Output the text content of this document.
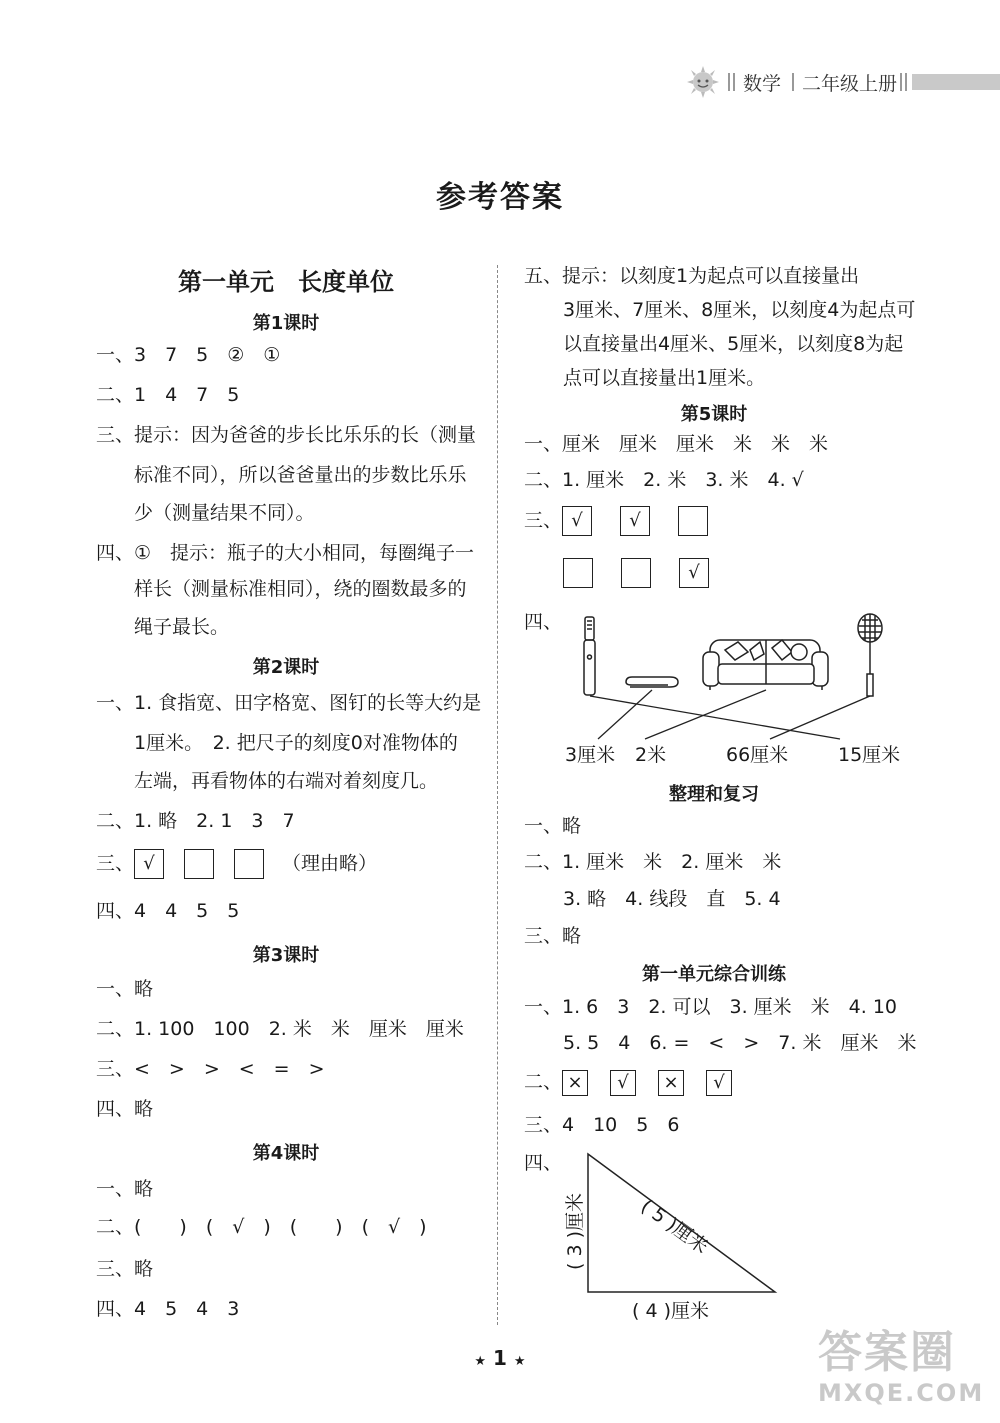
数学 二年级上册
参考答案
第一单元　长度单位
第1课时
一、3　7　5　②　①
二、1　4　7　5
三、提示：因为爸爸的步长比乐乐的长（测量
标准不同），所以爸爸量出的步数比乐乐
少（测量结果不同）。
四、①　提示：瓶子的大小相同，每圈绳子一
样长（测量标准相同），绕的圈数最多的
绳子最长。
第2课时
一、1. 食指宽、田字格宽、图钉的长等大约是
1厘米。　2. 把尺子的刻度0对准物体的
左端，再看物体的右端对着刻度几。
二、1. 略　2. 1　3　7
三、 √	（理由略）
四、4　4　5　5
第3课时
一、略
二、1. 100　100　2. 米　米　厘米　厘米
三、<　>　>　<　=　>
四、略
第4课时
一、略
二、(　　)　(　√　)　(　　)　(　√　)
三、略
四、4　5　4　3
五、提示：以刻度1为起点可以直接量出
3厘米、7厘米、8厘米，以刻度4为起点可
以直接量出4厘米、5厘米，以刻度8为起
点可以直接量出1厘米。
第5课时
一、厘米　厘米　厘米　米　米　米
二、1. 厘米　2. 米　3. 米　4. √
三、 √	√
√
四、
3厘米 2米	66厘米	15厘米
整理和复习
一、略
二、1. 厘米　米　2. 厘米　米
3. 略　4. 线段　直　5. 4
三、略
第一单元综合训练
一、1. 6　3　2. 可以　3. 厘米　米　4. 10
5. 5　4　6. =　<　>　7. 米　厘米　米
二、 × √ × √
三、4　10　5　6
四、
( 5 )厘米
( 3 )厘米
( 4 )厘米
★ 1 ★	答案圈
MXQE.COM
